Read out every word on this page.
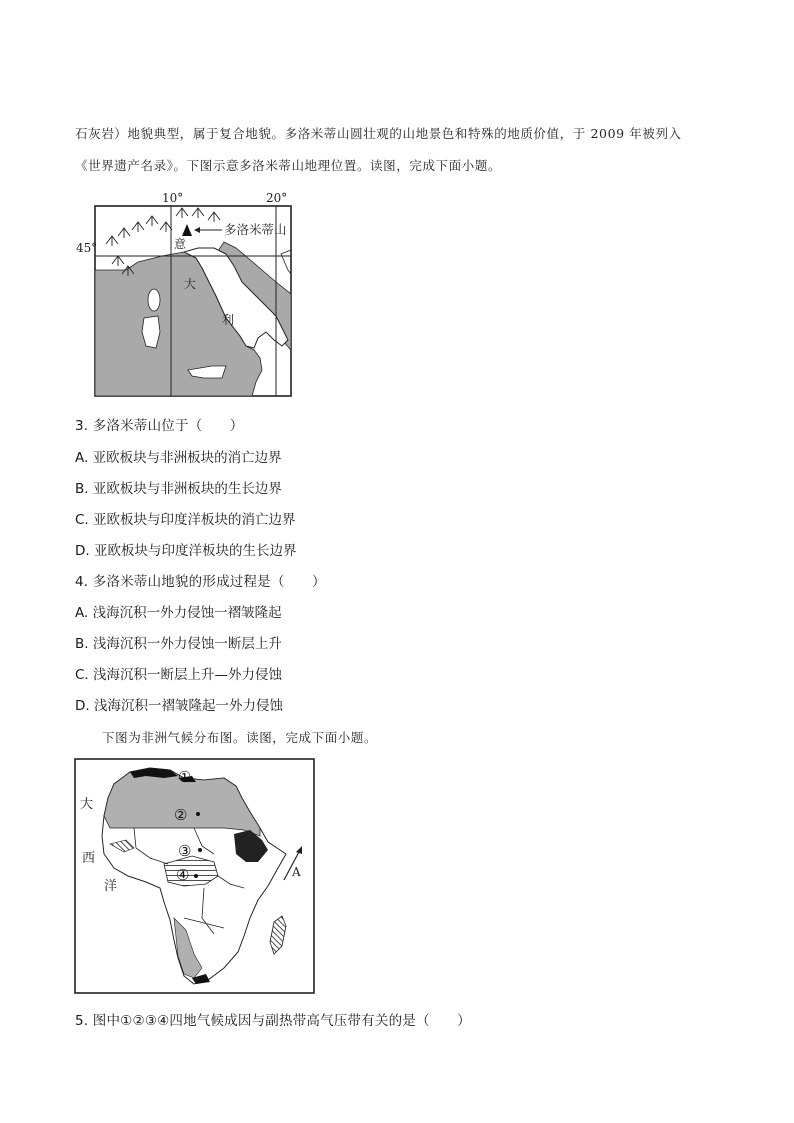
石灰岩）地貌典型，属于复合地貌。多洛米蒂山圆壮观的山地景色和特殊的地质价值，于 2009 年被列入
《世界遗产名录》。下图示意多洛米蒂山地理位置。读图，完成下面小题。
10°	20°
45°
多洛米蒂山
意
大
利
3. 多洛米蒂山位于（　　）
A. 亚欧板块与非洲板块的消亡边界
B. 亚欧板块与非洲板块的生长边界
C. 亚欧板块与印度洋板块的消亡边界
D. 亚欧板块与印度洋板块的生长边界
4. 多洛米蒂山地貌的形成过程是（　　）
A. 浅海沉积一外力侵蚀一褶皱隆起
B. 浅海沉积一外力侵蚀一断层上升
C. 浅海沉积一断层上升—外力侵蚀
D. 浅海沉积一褶皱隆起一外力侵蚀
下图为非洲气候分布图。读图，完成下面小题。
A
①
②
③
④
大
西
洋
5. 图中①②③④四地气候成因与副热带高气压带有关的是（　　）
